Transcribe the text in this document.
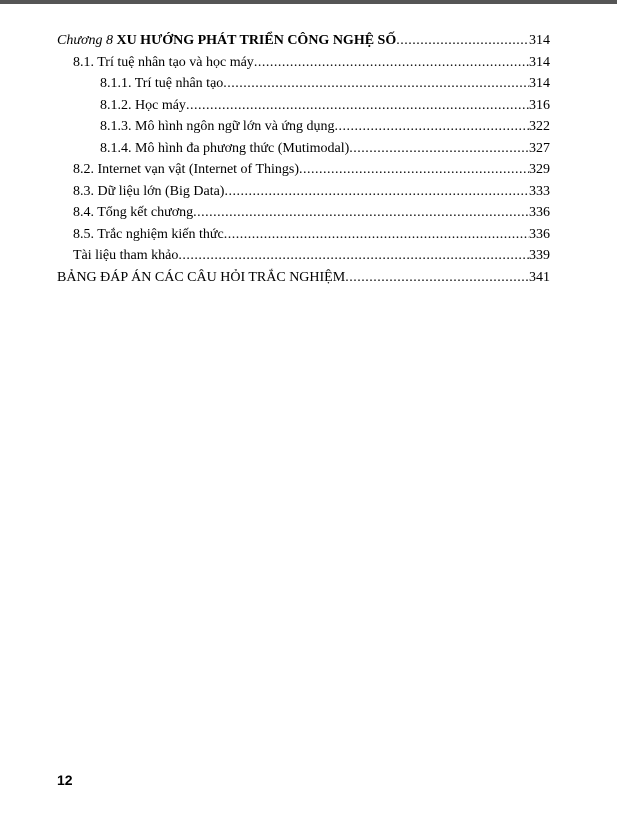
Chương 8 XU HƯỚNG PHÁT TRIỂN CÔNG NGHỆ SỐ .....	314
8.1. Trí tuệ nhân tạo và học máy .....	314
8.1.1. Trí tuệ nhân tạo .....	314
8.1.2. Học máy .....	316
8.1.3. Mô hình ngôn ngữ lớn và ứng dụng .....	322
8.1.4. Mô hình đa phương thức (Mutimodal) .....	327
8.2. Internet vạn vật (Internet of Things) .....	329
8.3. Dữ liệu lớn (Big Data) .....	333
8.4. Tổng kết chương .....	336
8.5. Trắc nghiệm kiến thức .....	336
Tài liệu tham khảo .....	339
BẢNG ĐÁP ÁN CÁC CÂU HỎI TRẮC NGHIỆM .....	341
12
